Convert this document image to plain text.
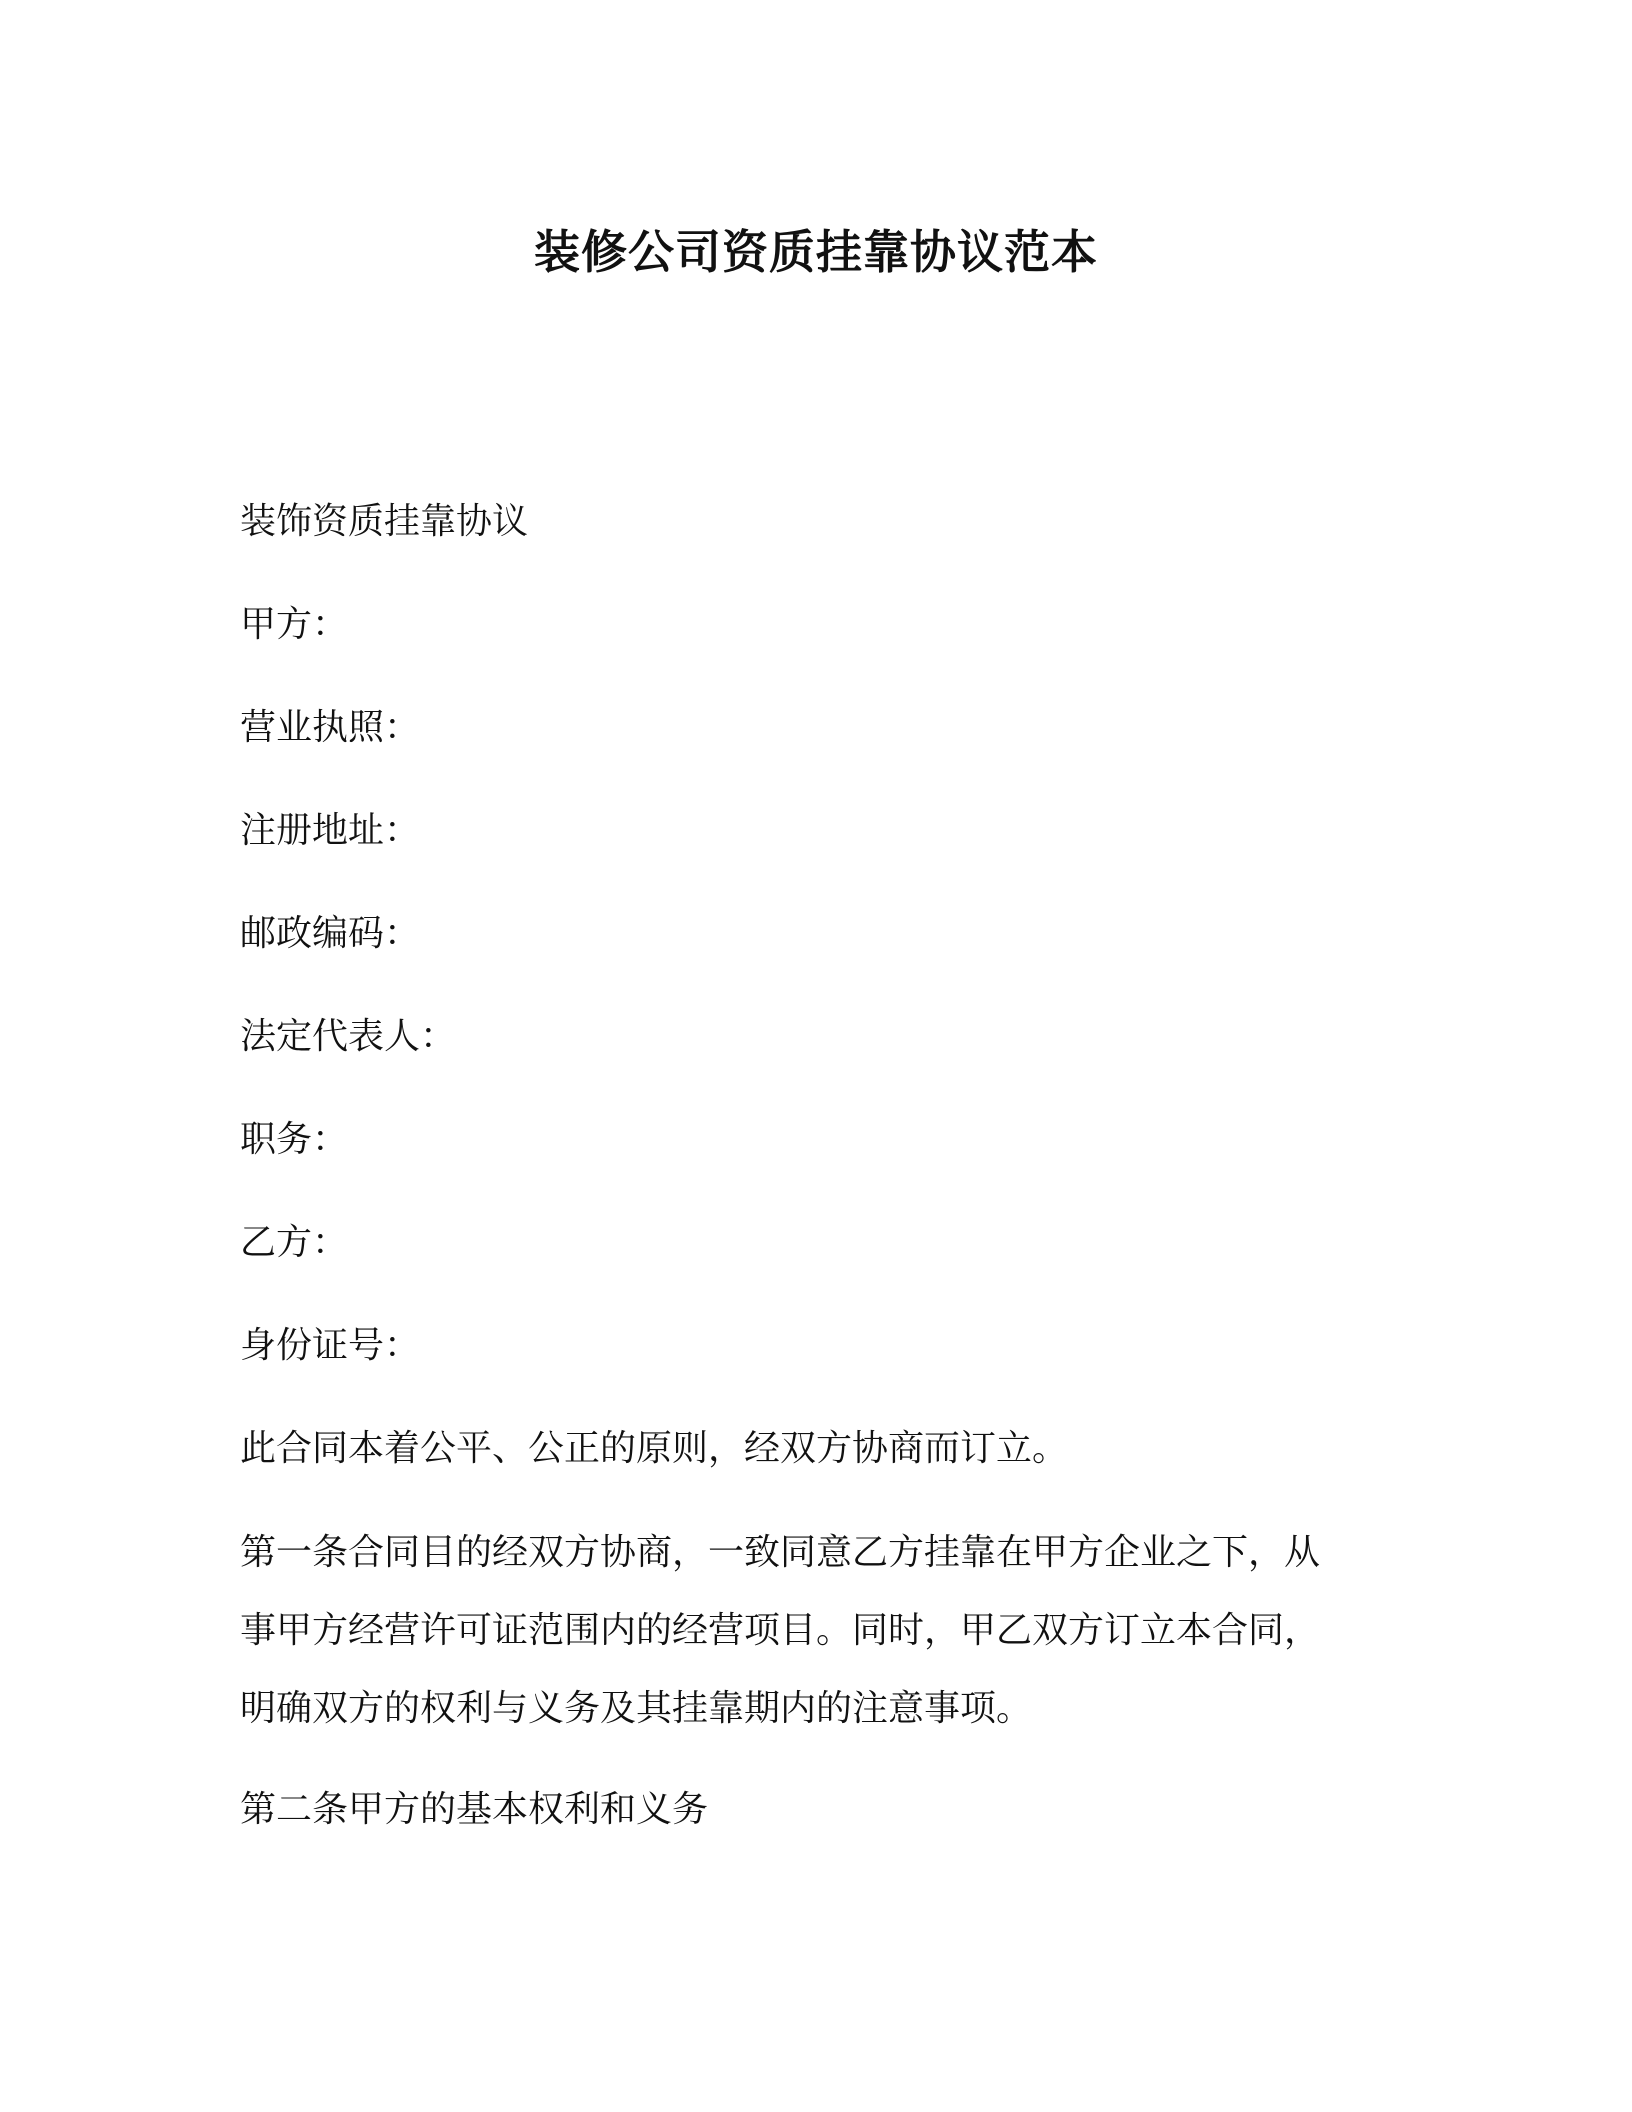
装修公司资质挂靠协议范本

装饰资质挂靠协议

甲方：

营业执照：

注册地址：

邮政编码：

法定代表人：

职务：

乙方：

身份证号：

此合同本着公平、公正的原则，经双方协商而订立。

第一条合同目的经双方协商，一致同意乙方挂靠在甲方企业之下，从
事甲方经营许可证范围内的经营项目。同时，甲乙双方订立本合同，
明确双方的权利与义务及其挂靠期内的注意事项。

第二条甲方的基本权利和义务
